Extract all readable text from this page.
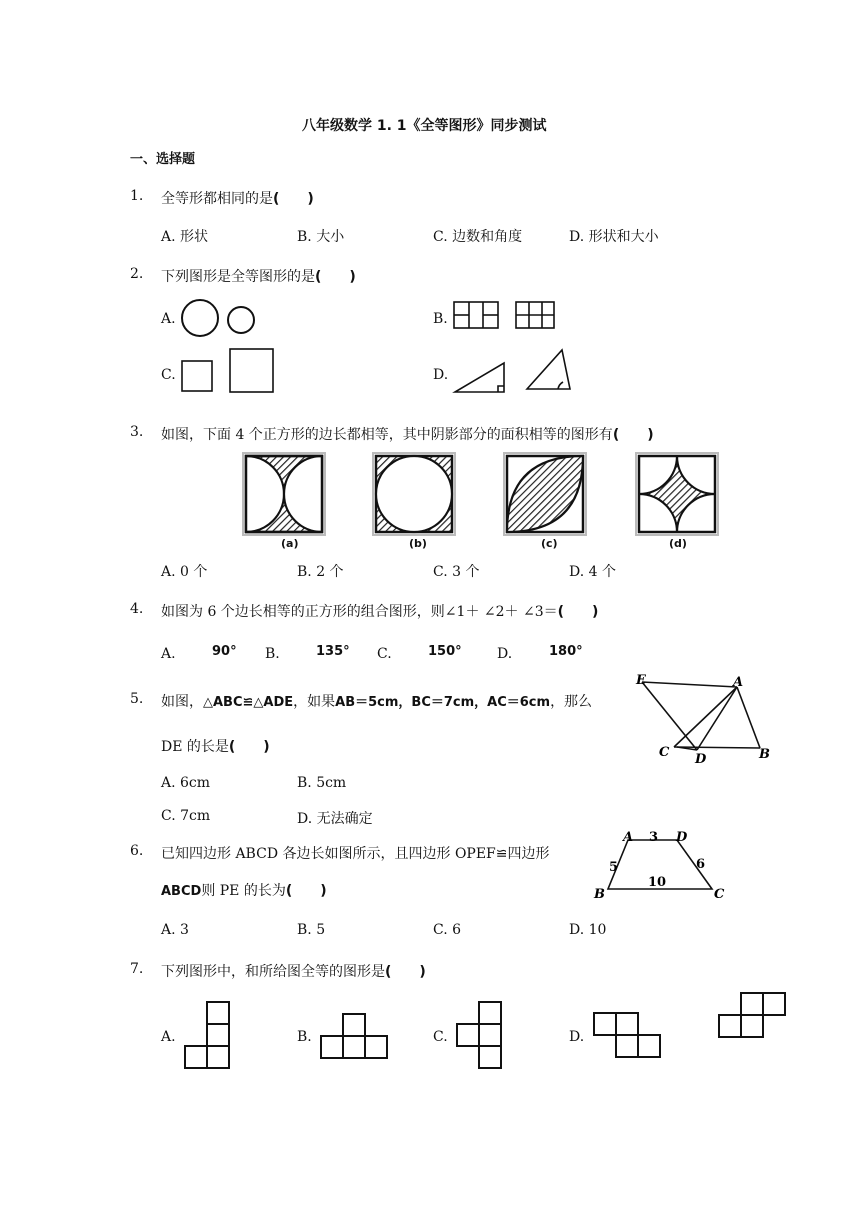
八年级数学 1. 1《全等图形》同步测试
一、选择题
1. 全等形都相同的是(　　)
A. 形状	B. 大小	C. 边数和角度	D. 形状和大小
2. 下列图形是全等图形的是(　　)
A.	B.
C.	D.
3. 如图，下面 4 个正方形的边长都相等，其中阴影部分的面积相等的图形有(　　)
(a)	(b)	(c)	(d)
A. 0 个	B. 2 个	C. 3 个	D. 4 个
4. 如图为 6 个边长相等的正方形的组合图形，则∠1＋ ∠2＋ ∠3＝(　　)
A.	90° B.	135° C.	150°	D.	180°
5. 如图，△ABC≌△ADE，如果AB＝5cm，BC＝7cm，AC＝6cm，那么
DE 的长是(　　)
E	A
C D	B
A. 6cm	B. 5cm
C. 7cm	D. 无法确定
6. 已知四边形 ABCD 各边长如图所示，且四边形 OPEF≌四边形
ABCD则 PE 的长为(　　)
A	D
B	C
3
5	6
10
A. 3	B. 5	C. 6	D. 10
7. 下列图形中，和所给图全等的图形是(　　)
A.	B.	C.	D.
